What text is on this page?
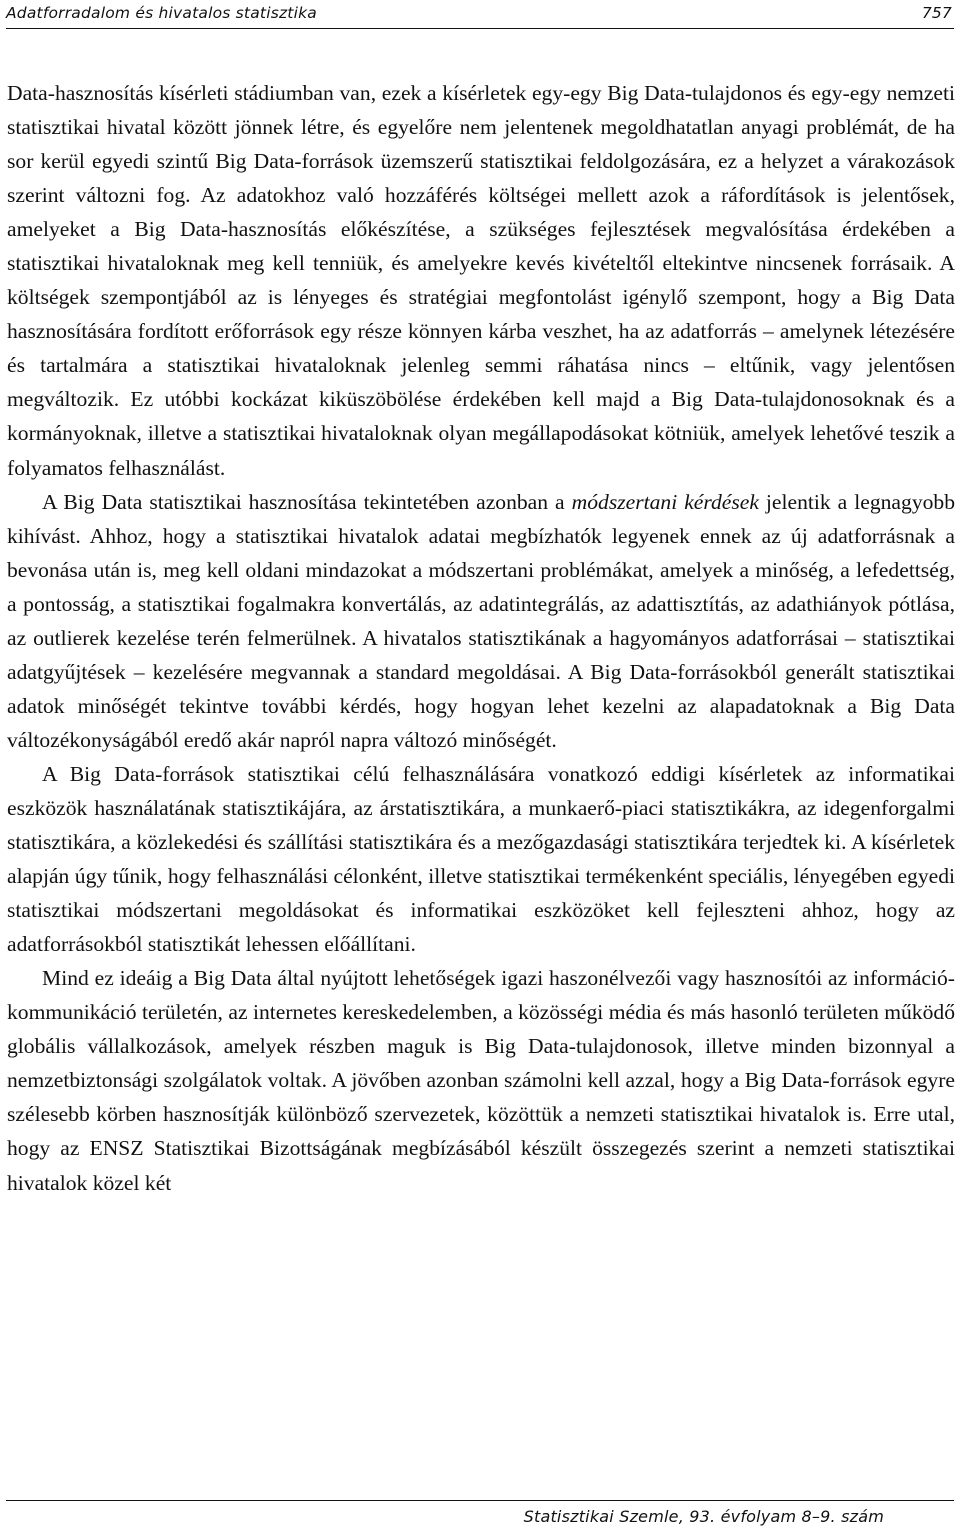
Adatforradalom és hivatalos statisztika	757

Data-hasznosítás kísérleti stádiumban van, ezek a kísérletek egy-egy Big Data-tulajdonos és egy-egy nemzeti statisztikai hivatal között jönnek létre, és egyelőre nem jelentenek megoldhatatlan anyagi problémát, de ha sor kerül egyedi szintű Big Data-források üzemszerű statisztikai feldolgozására, ez a helyzet a várakozások szerint változni fog. Az adatokhoz való hozzáférés költségei mellett azok a ráfordítások is jelentősek, amelyeket a Big Data-hasznosítás előkészítése, a szükséges fejlesztések megvalósítása érdekében a statisztikai hivataloknak meg kell tenniük, és amelyekre kevés kivételtől eltekintve nincsenek forrásaik. A költségek szempontjából az is lényeges és stratégiai megfontolást igénylő szempont, hogy a Big Data hasznosítására fordított erőforrások egy része könnyen kárba veszhet, ha az adatforrás – amelynek létezésére és tartalmára a statisztikai hivataloknak jelenleg semmi ráhatása nincs – eltűnik, vagy jelentősen megváltozik. Ez utóbbi kockázat kiküszöbölése érdekében kell majd a Big Data-tulajdonosoknak és a kormányoknak, illetve a statisztikai hivataloknak olyan megállapodásokat kötniük, amelyek lehetővé teszik a folyamatos felhasználást.

A Big Data statisztikai hasznosítása tekintetében azonban a módszertani kérdések jelentik a legnagyobb kihívást. Ahhoz, hogy a statisztikai hivatalok adatai megbízhatók legyenek ennek az új adatforrásnak a bevonása után is, meg kell oldani mindazokat a módszertani problémákat, amelyek a minőség, a lefedettség, a pontosság, a statisztikai fogalmakra konvertálás, az adatintegrálás, az adattisztítás, az adathiányok pótlása, az outlierek kezelése terén felmerülnek. A hivatalos statisztikának a hagyományos adatforrásai – statisztikai adatgyűjtések – kezelésére megvannak a standard megoldásai. A Big Data-forrásokból generált statisztikai adatok minőségét tekintve további kérdés, hogy hogyan lehet kezelni az alapadatoknak a Big Data változékonyságából eredő akár napról napra változó minőségét.

A Big Data-források statisztikai célú felhasználására vonatkozó eddigi kísérletek az informatikai eszközök használatának statisztikájára, az árstatisztikára, a munkaerő-piaci statisztikákra, az idegenforgalmi statisztikára, a közlekedési és szállítási statisztikára és a mezőgazdasági statisztikára terjedtek ki. A kísérletek alapján úgy tűnik, hogy felhasználási célonként, illetve statisztikai termékenként speciális, lényegében egyedi statisztikai módszertani megoldásokat és informatikai eszközöket kell fejleszteni ahhoz, hogy az adatforrásokból statisztikát lehessen előállítani.

Mind ez ideáig a Big Data által nyújtott lehetőségek igazi haszonélvezői vagy hasznosítói az információ-kommunikáció területén, az internetes kereskedelemben, a közösségi média és más hasonló területen működő globális vállalkozások, amelyek részben maguk is Big Data-tulajdonosok, illetve minden bizonnyal a nemzetbiztonsági szolgálatok voltak. A jövőben azonban számolni kell azzal, hogy a Big Data-források egyre szélesebb körben hasznosítják különböző szervezetek, közöttük a nemzeti statisztikai hivatalok is. Erre utal, hogy az ENSZ Statisztikai Bizottságának megbízásából készült összegezés szerint a nemzeti statisztikai hivatalok közel két

Statisztikai Szemle, 93. évfolyam 8–9. szám
